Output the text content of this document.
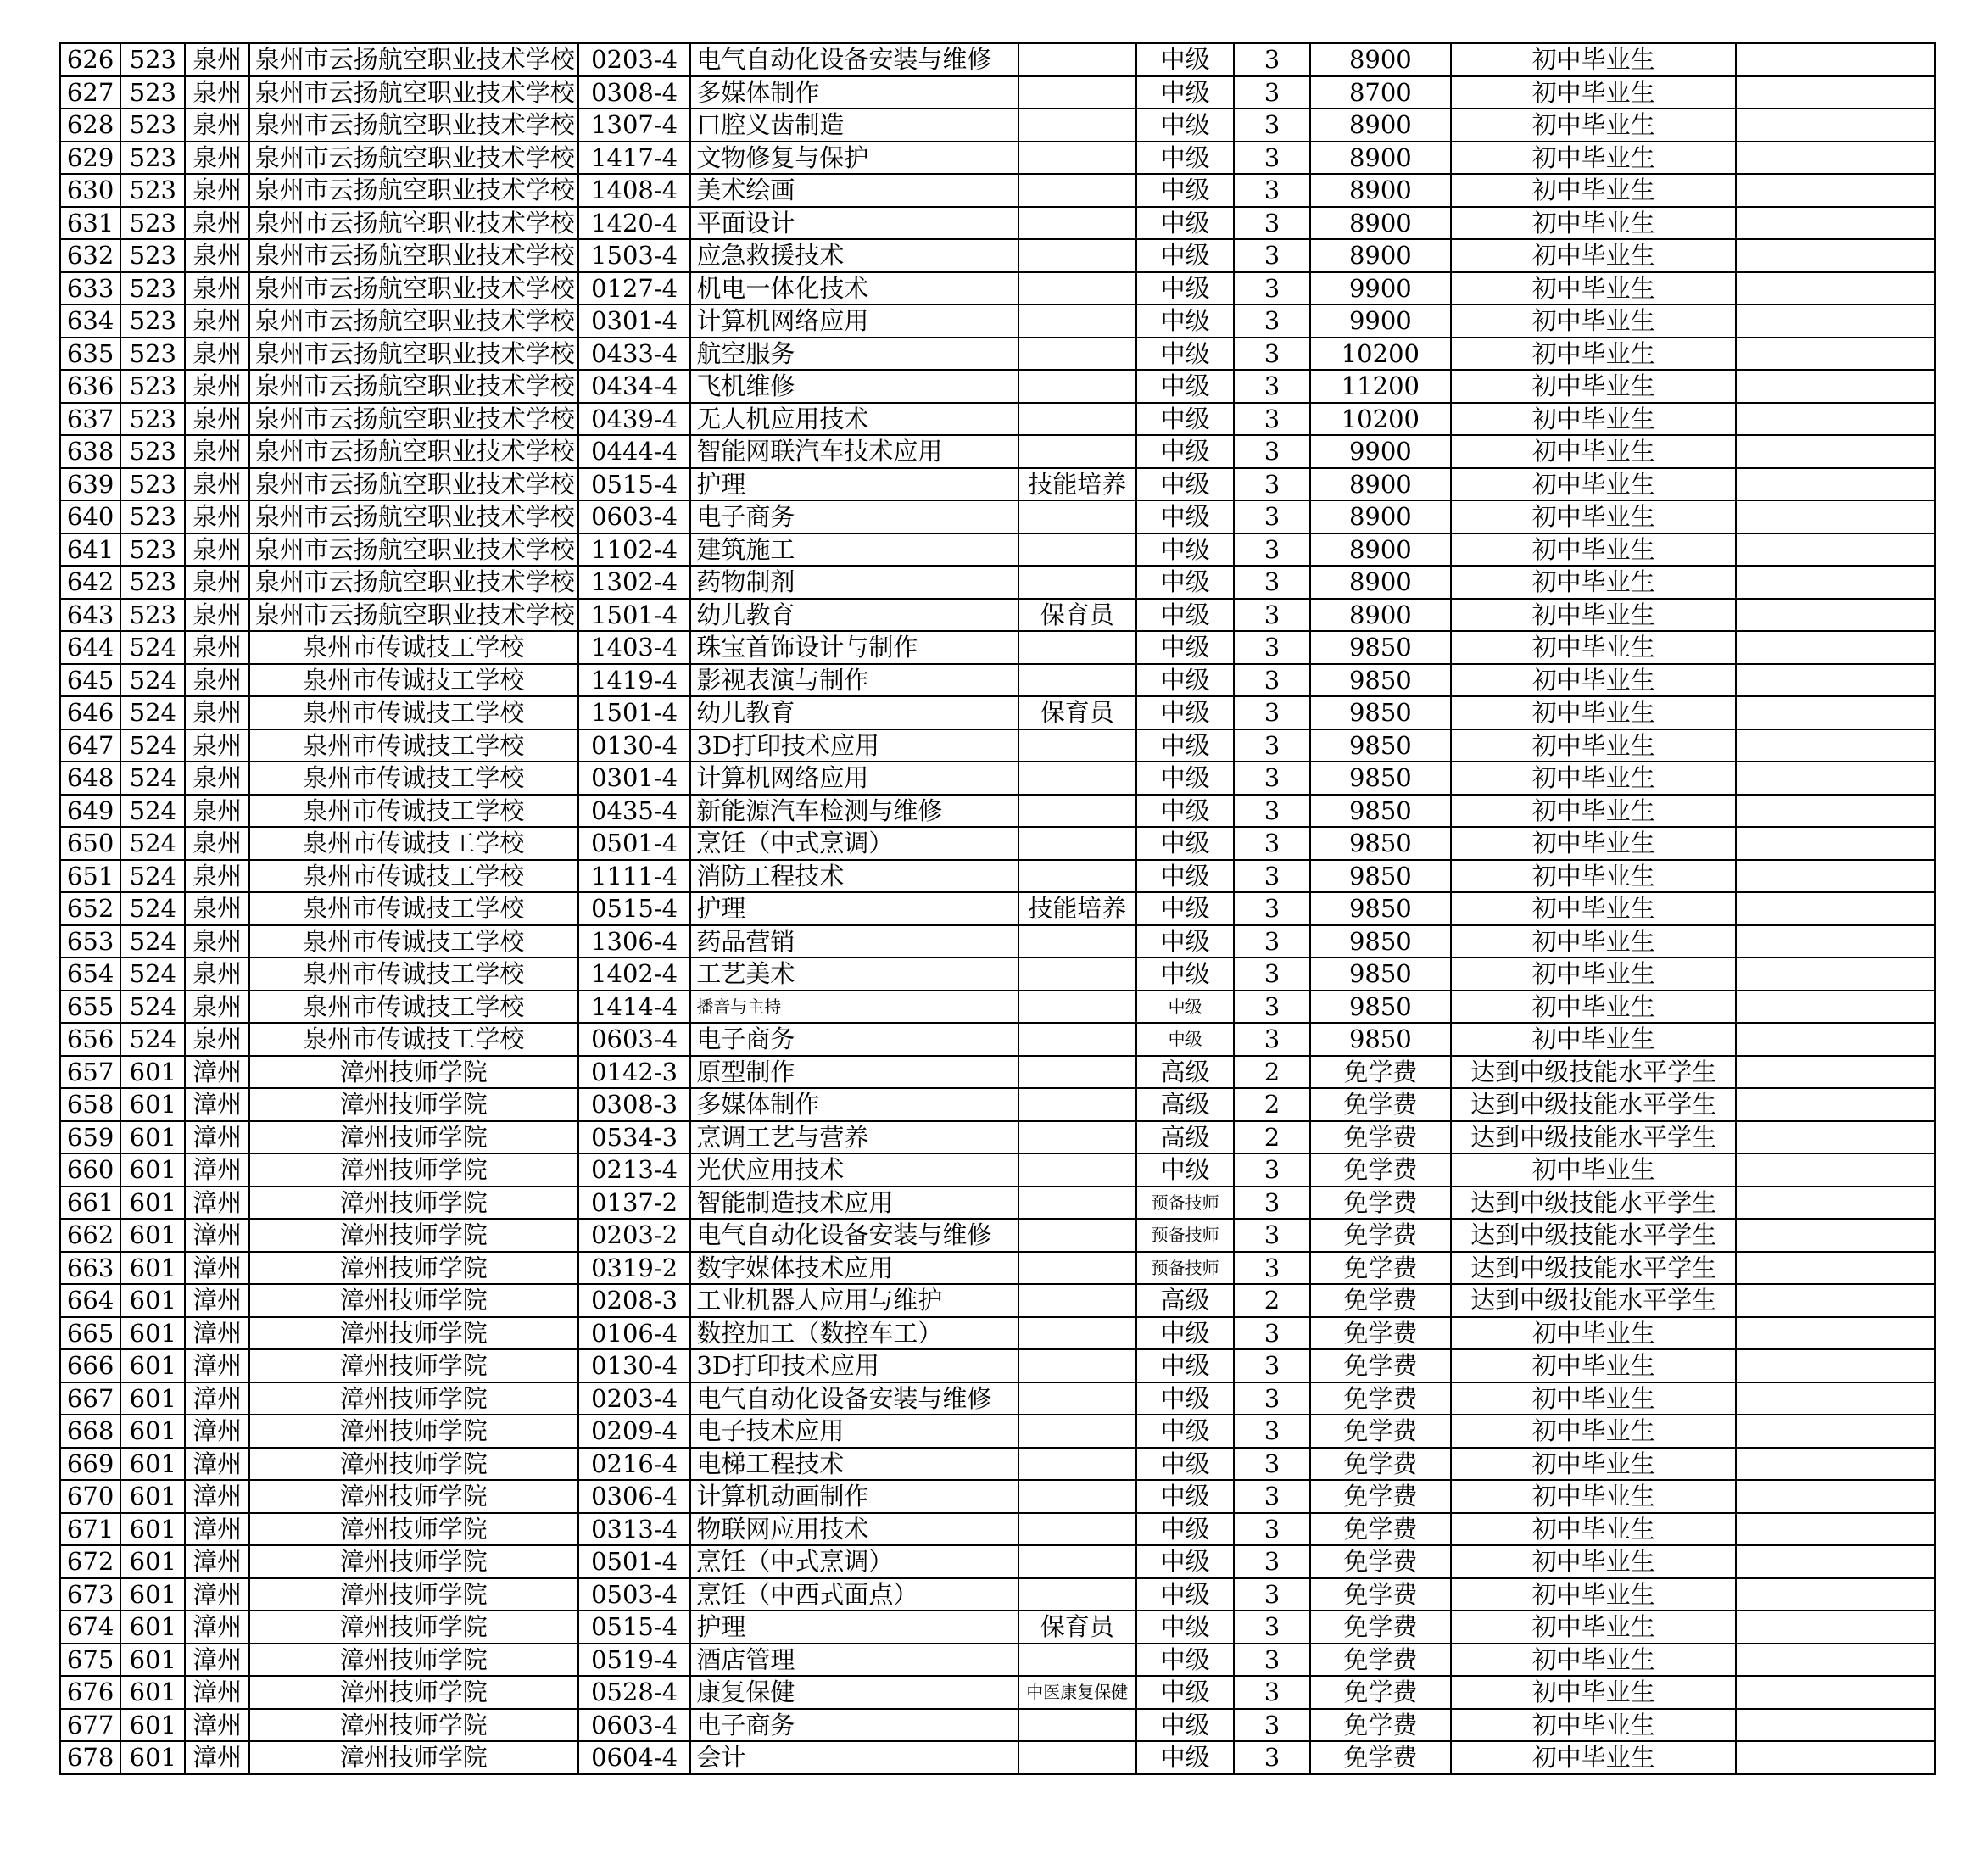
626	523	泉州	泉州市云扬航空职业技术学校	0203-4	电气自动化设备安装与维修		中级	3	8900	初中毕业生	
627	523	泉州	泉州市云扬航空职业技术学校	0308-4	多媒体制作		中级	3	8700	初中毕业生	
628	523	泉州	泉州市云扬航空职业技术学校	1307-4	口腔义齿制造		中级	3	8900	初中毕业生	
629	523	泉州	泉州市云扬航空职业技术学校	1417-4	文物修复与保护		中级	3	8900	初中毕业生	
630	523	泉州	泉州市云扬航空职业技术学校	1408-4	美术绘画		中级	3	8900	初中毕业生	
631	523	泉州	泉州市云扬航空职业技术学校	1420-4	平面设计		中级	3	8900	初中毕业生	
632	523	泉州	泉州市云扬航空职业技术学校	1503-4	应急救援技术		中级	3	8900	初中毕业生	
633	523	泉州	泉州市云扬航空职业技术学校	0127-4	机电一体化技术		中级	3	9900	初中毕业生	
634	523	泉州	泉州市云扬航空职业技术学校	0301-4	计算机网络应用		中级	3	9900	初中毕业生	
635	523	泉州	泉州市云扬航空职业技术学校	0433-4	航空服务		中级	3	10200	初中毕业生	
636	523	泉州	泉州市云扬航空职业技术学校	0434-4	飞机维修		中级	3	11200	初中毕业生	
637	523	泉州	泉州市云扬航空职业技术学校	0439-4	无人机应用技术		中级	3	10200	初中毕业生	
638	523	泉州	泉州市云扬航空职业技术学校	0444-4	智能网联汽车技术应用		中级	3	9900	初中毕业生	
639	523	泉州	泉州市云扬航空职业技术学校	0515-4	护理	技能培养	中级	3	8900	初中毕业生	
640	523	泉州	泉州市云扬航空职业技术学校	0603-4	电子商务		中级	3	8900	初中毕业生	
641	523	泉州	泉州市云扬航空职业技术学校	1102-4	建筑施工		中级	3	8900	初中毕业生	
642	523	泉州	泉州市云扬航空职业技术学校	1302-4	药物制剂		中级	3	8900	初中毕业生	
643	523	泉州	泉州市云扬航空职业技术学校	1501-4	幼儿教育	保育员	中级	3	8900	初中毕业生	
644	524	泉州	泉州市传诚技工学校	1403-4	珠宝首饰设计与制作		中级	3	9850	初中毕业生	
645	524	泉州	泉州市传诚技工学校	1419-4	影视表演与制作		中级	3	9850	初中毕业生	
646	524	泉州	泉州市传诚技工学校	1501-4	幼儿教育	保育员	中级	3	9850	初中毕业生	
647	524	泉州	泉州市传诚技工学校	0130-4	3D打印技术应用		中级	3	9850	初中毕业生	
648	524	泉州	泉州市传诚技工学校	0301-4	计算机网络应用		中级	3	9850	初中毕业生	
649	524	泉州	泉州市传诚技工学校	0435-4	新能源汽车检测与维修		中级	3	9850	初中毕业生	
650	524	泉州	泉州市传诚技工学校	0501-4	烹饪（中式烹调）		中级	3	9850	初中毕业生	
651	524	泉州	泉州市传诚技工学校	1111-4	消防工程技术		中级	3	9850	初中毕业生	
652	524	泉州	泉州市传诚技工学校	0515-4	护理	技能培养	中级	3	9850	初中毕业生	
653	524	泉州	泉州市传诚技工学校	1306-4	药品营销		中级	3	9850	初中毕业生	
654	524	泉州	泉州市传诚技工学校	1402-4	工艺美术		中级	3	9850	初中毕业生	
655	524	泉州	泉州市传诚技工学校	1414-4	播音与主持		中级	3	9850	初中毕业生	
656	524	泉州	泉州市传诚技工学校	0603-4	电子商务		中级	3	9850	初中毕业生	
657	601	漳州	漳州技师学院	0142-3	原型制作		高级	2	免学费	达到中级技能水平学生	
658	601	漳州	漳州技师学院	0308-3	多媒体制作		高级	2	免学费	达到中级技能水平学生	
659	601	漳州	漳州技师学院	0534-3	烹调工艺与营养		高级	2	免学费	达到中级技能水平学生	
660	601	漳州	漳州技师学院	0213-4	光伏应用技术		中级	3	免学费	初中毕业生	
661	601	漳州	漳州技师学院	0137-2	智能制造技术应用		预备技师	3	免学费	达到中级技能水平学生	
662	601	漳州	漳州技师学院	0203-2	电气自动化设备安装与维修		预备技师	3	免学费	达到中级技能水平学生	
663	601	漳州	漳州技师学院	0319-2	数字媒体技术应用		预备技师	3	免学费	达到中级技能水平学生	
664	601	漳州	漳州技师学院	0208-3	工业机器人应用与维护		高级	2	免学费	达到中级技能水平学生	
665	601	漳州	漳州技师学院	0106-4	数控加工（数控车工）		中级	3	免学费	初中毕业生	
666	601	漳州	漳州技师学院	0130-4	3D打印技术应用		中级	3	免学费	初中毕业生	
667	601	漳州	漳州技师学院	0203-4	电气自动化设备安装与维修		中级	3	免学费	初中毕业生	
668	601	漳州	漳州技师学院	0209-4	电子技术应用		中级	3	免学费	初中毕业生	
669	601	漳州	漳州技师学院	0216-4	电梯工程技术		中级	3	免学费	初中毕业生	
670	601	漳州	漳州技师学院	0306-4	计算机动画制作		中级	3	免学费	初中毕业生	
671	601	漳州	漳州技师学院	0313-4	物联网应用技术		中级	3	免学费	初中毕业生	
672	601	漳州	漳州技师学院	0501-4	烹饪（中式烹调）		中级	3	免学费	初中毕业生	
673	601	漳州	漳州技师学院	0503-4	烹饪（中西式面点）		中级	3	免学费	初中毕业生	
674	601	漳州	漳州技师学院	0515-4	护理	保育员	中级	3	免学费	初中毕业生	
675	601	漳州	漳州技师学院	0519-4	酒店管理		中级	3	免学费	初中毕业生	
676	601	漳州	漳州技师学院	0528-4	康复保健	中医康复保健	中级	3	免学费	初中毕业生	
677	601	漳州	漳州技师学院	0603-4	电子商务		中级	3	免学费	初中毕业生	
678	601	漳州	漳州技师学院	0604-4	会计		中级	3	免学费	初中毕业生	
